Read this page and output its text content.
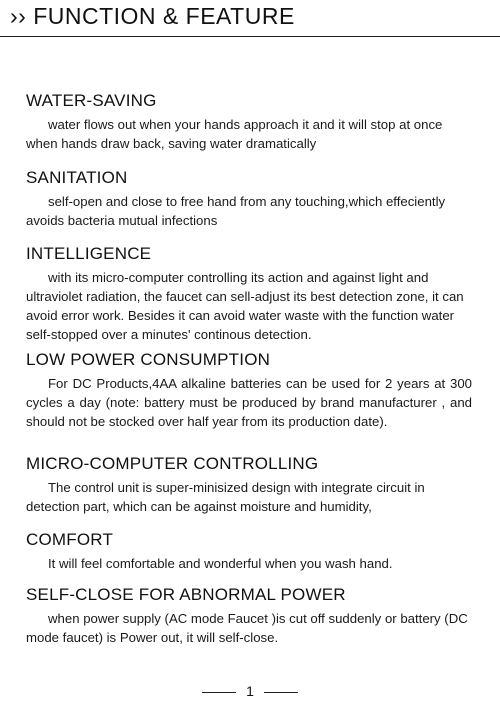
›› FUNCTION & FEATURE
WATER-SAVING

water flows out when your hands approach it and it will stop at once when hands draw back, saving water dramatically

SANITATION

self-open and close to free hand from any touching,which effeciently avoids bacteria mutual infections

INTELLIGENCE

with its micro-computer controlling its action and against light and ultraviolet radiation, the faucet can sell-adjust its best detection zone, it can avoid error work. Besides it can avoid water waste with the function water self-stopped over a minutes' continous detection.

LOW POWER CONSUMPTION

For DC Products,4AA alkaline batteries can be used for 2 years at 300 cycles a day (note: battery must be produced by brand manufacturer , and should not be stocked over half year from its production date).

MICRO-COMPUTER CONTROLLING

The control unit is super-minisized design with integrate circuit in detection part, which can be against moisture and humidity,

COMFORT

It will feel comfortable and wonderful when you wash hand.

SELF-CLOSE FOR ABNORMAL POWER

when power supply (AC mode Faucet )is cut off suddenly or battery (DC mode faucet) is Power out, it will self-close.

1
